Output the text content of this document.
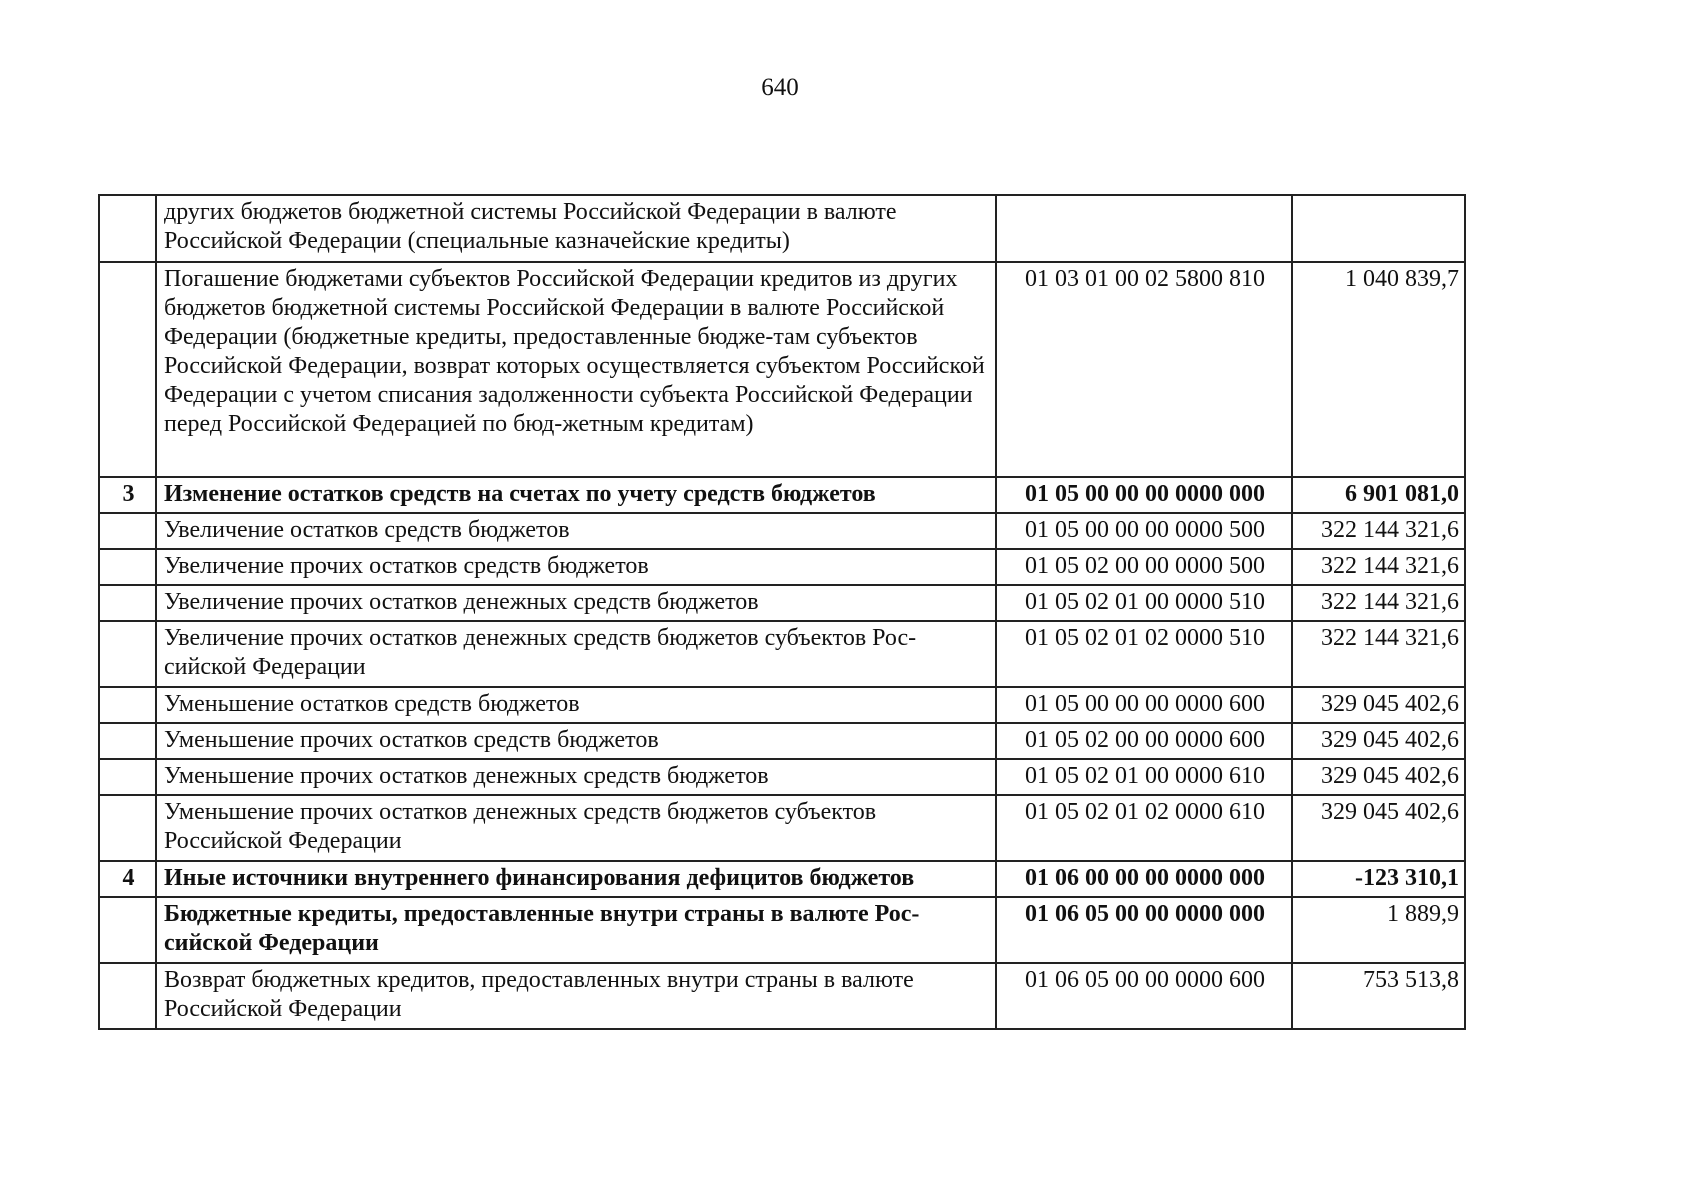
640
	других бюджетов бюджетной системы Российской Федерации в валюте Российской Федерации (специальные казначейские кредиты)		
	Погашение бюджетами субъектов Российской Федерации кредитов из других бюджетов бюджетной системы Российской Федерации в валюте Российской Федерации (бюджетные кредиты, предоставленные бюдже-там субъектов Российской Федерации, возврат которых осуществляется субъектом Российской Федерации с учетом списания задолженности субъекта Российской Федерации перед Российской Федерацией по бюд-жетным кредитам)	01 03 01 00 02 5800 810	1 040 839,7
3	Изменение остатков средств на счетах по учету средств бюджетов	01 05 00 00 00 0000 000	6 901 081,0
	Увеличение остатков средств бюджетов	01 05 00 00 00 0000 500	322 144 321,6
	Увеличение прочих остатков средств бюджетов	01 05 02 00 00 0000 500	322 144 321,6
	Увеличение прочих остатков денежных средств бюджетов	01 05 02 01 00 0000 510	322 144 321,6
	Увеличение прочих остатков денежных средств бюджетов субъектов Рос-сийской Федерации	01 05 02 01 02 0000 510	322 144 321,6
	Уменьшение остатков средств бюджетов	01 05 00 00 00 0000 600	329 045 402,6
	Уменьшение прочих остатков средств бюджетов	01 05 02 00 00 0000 600	329 045 402,6
	Уменьшение прочих остатков денежных средств бюджетов	01 05 02 01 00 0000 610	329 045 402,6
	Уменьшение прочих остатков денежных средств бюджетов субъектов Российской Федерации	01 05 02 01 02 0000 610	329 045 402,6
4	Иные источники внутреннего финансирования дефицитов бюджетов	01 06 00 00 00 0000 000	-123 310,1
	Бюджетные кредиты, предоставленные внутри страны в валюте Рос-сийской Федерации	01 06 05 00 00 0000 000	1 889,9
	Возврат бюджетных кредитов, предоставленных внутри страны в валюте Российской Федерации	01 06 05 00 00 0000 600	753 513,8
